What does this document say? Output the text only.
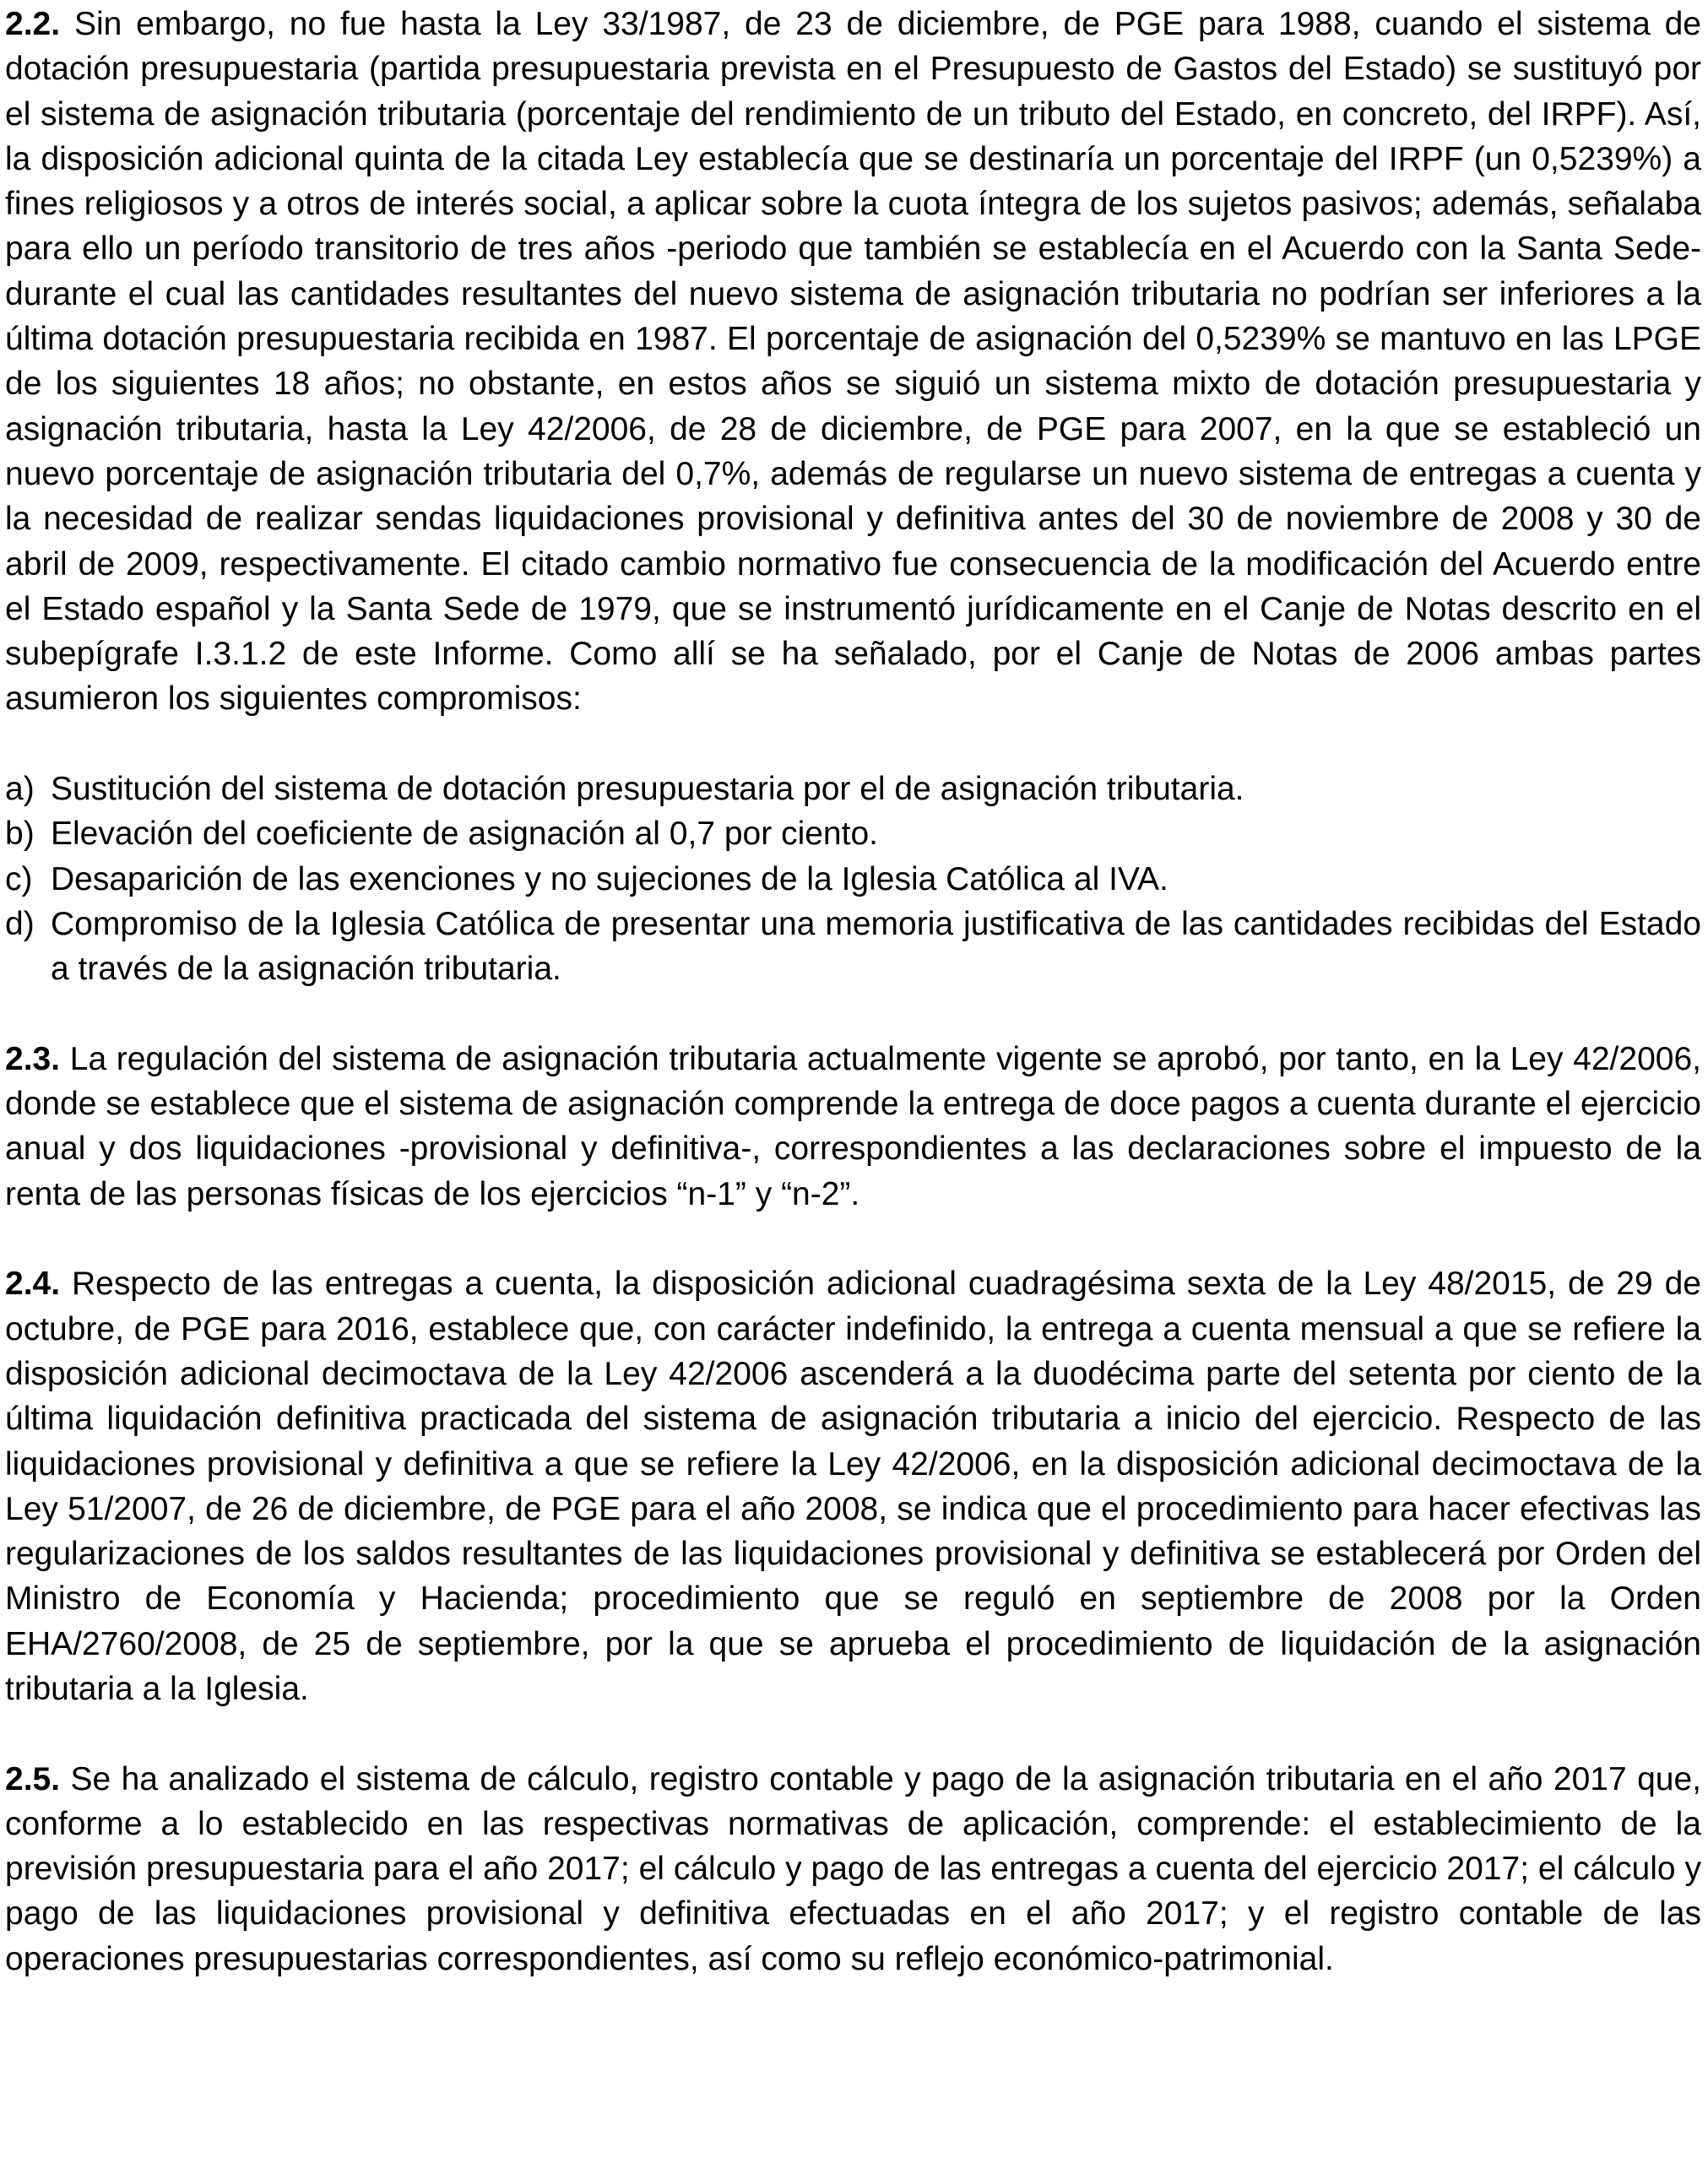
2.2. Sin embargo, no fue hasta la Ley 33/1987, de 23 de diciembre, de PGE para 1988, cuando el sistema de dotación presupuestaria (partida presupuestaria prevista en el Presupuesto de Gastos del Estado) se sustituyó por el sistema de asignación tributaria (porcentaje del rendimiento de un tributo del Estado, en concreto, del IRPF). Así, la disposición adicional quinta de la citada Ley establecía que se destinaría un porcentaje del IRPF (un 0,5239%) a fines religiosos y a otros de interés social, a aplicar sobre la cuota íntegra de los sujetos pasivos; además, señalaba para ello un período transitorio de tres años -periodo que también se establecía en el Acuerdo con la Santa Sede- durante el cual las cantidades resultantes del nuevo sistema de asignación tributaria no podrían ser inferiores a la última dotación presupuestaria recibida en 1987. El porcentaje de asignación del 0,5239% se mantuvo en las LPGE de los siguientes 18 años; no obstante, en estos años se siguió un sistema mixto de dotación presupuestaria y asignación tributaria, hasta la Ley 42/2006, de 28 de diciembre, de PGE para 2007, en la que se estableció un nuevo porcentaje de asignación tributaria del 0,7%, además de regularse un nuevo sistema de entregas a cuenta y la necesidad de realizar sendas liquidaciones provisional y definitiva antes del 30 de noviembre de 2008 y 30 de abril de 2009, respectivamente. El citado cambio normativo fue consecuencia de la modificación del Acuerdo entre el Estado español y la Santa Sede de 1979, que se instrumentó jurídicamente en el Canje de Notas descrito en el subepígrafe I.3.1.2 de este Informe. Como allí se ha señalado, por el Canje de Notas de 2006 ambas partes asumieron los siguientes compromisos:

a) Sustitución del sistema de dotación presupuestaria por el de asignación tributaria.
b) Elevación del coeficiente de asignación al 0,7 por ciento.
c) Desaparición de las exenciones y no sujeciones de la Iglesia Católica al IVA.
d) Compromiso de la Iglesia Católica de presentar una memoria justificativa de las cantidades recibidas del Estado a través de la asignación tributaria.

2.3. La regulación del sistema de asignación tributaria actualmente vigente se aprobó, por tanto, en la Ley 42/2006, donde se establece que el sistema de asignación comprende la entrega de doce pagos a cuenta durante el ejercicio anual y dos liquidaciones -provisional y definitiva-, correspondientes a las declaraciones sobre el impuesto de la renta de las personas físicas de los ejercicios “n-1” y “n-2”.

2.4. Respecto de las entregas a cuenta, la disposición adicional cuadragésima sexta de la Ley 48/2015, de 29 de octubre, de PGE para 2016, establece que, con carácter indefinido, la entrega a cuenta mensual a que se refiere la disposición adicional decimoctava de la Ley 42/2006 ascenderá a la duodécima parte del setenta por ciento de la última liquidación definitiva practicada del sistema de asignación tributaria a inicio del ejercicio. Respecto de las liquidaciones provisional y definitiva a que se refiere la Ley 42/2006, en la disposición adicional decimoctava de la Ley 51/2007, de 26 de diciembre, de PGE para el año 2008, se indica que el procedimiento para hacer efectivas las regularizaciones de los saldos resultantes de las liquidaciones provisional y definitiva se establecerá por Orden del Ministro de Economía y Hacienda; procedimiento que se reguló en septiembre de 2008 por la Orden EHA/2760/2008, de 25 de septiembre, por la que se aprueba el procedimiento de liquidación de la asignación tributaria a la Iglesia.

2.5. Se ha analizado el sistema de cálculo, registro contable y pago de la asignación tributaria en el año 2017 que, conforme a lo establecido en las respectivas normativas de aplicación, comprende: el establecimiento de la previsión presupuestaria para el año 2017; el cálculo y pago de las entregas a cuenta del ejercicio 2017; el cálculo y pago de las liquidaciones provisional y definitiva efectuadas en el año 2017; y el registro contable de las operaciones presupuestarias correspondientes, así como su reflejo económico-patrimonial.
